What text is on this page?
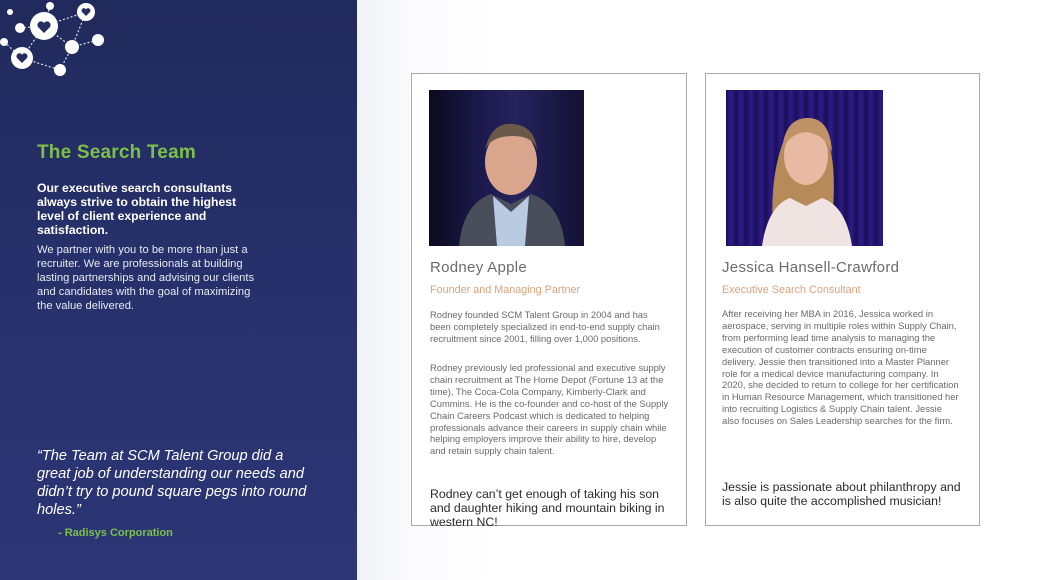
The Search Team
Our executive search consultants always strive to obtain the highest level of client experience and satisfaction.
We partner with you to be more than just a recruiter. We are professionals at building lasting partnerships and advising our clients and candidates with the goal of maximizing the value delivered.
“The Team at SCM Talent Group did a great job of understanding our needs and didn’t try to pound square pegs into round holes.”
- Radisys Corporation
Rodney Apple
Founder and Managing Partner
Rodney founded SCM Talent Group in 2004 and has been completely specialized in end-to-end supply chain recruitment since 2001, filling over 1,000 positions.
Rodney previously led professional and executive supply chain recruitment at The Home Depot (Fortune 13 at the time), The Coca-Cola Company, Kimberly-Clark and Cummins. He is the co-founder and co-host of the Supply Chain Careers Podcast which is dedicated to helping professionals advance their careers in supply chain while helping employers improve their ability to hire, develop and retain supply chain talent.
Rodney can’t get enough of taking his son and daughter hiking and mountain biking in western NC!
Jessica Hansell-Crawford
Executive Search Consultant
After receiving her MBA in 2016, Jessica worked in aerospace, serving in multiple roles within Supply Chain, from performing lead time analysis to managing the execution of customer contracts ensuring on-time delivery. Jessie then transitioned into a Master Planner role for a medical device manufacturing company. In 2020, she decided to return to college for her certification in Human Resource Management, which transitioned her into recruiting Logistics & Supply Chain talent. Jessie also focuses on Sales Leadership searches for the firm.
Jessie is passionate about philanthropy and is also quite the accomplished musician!
